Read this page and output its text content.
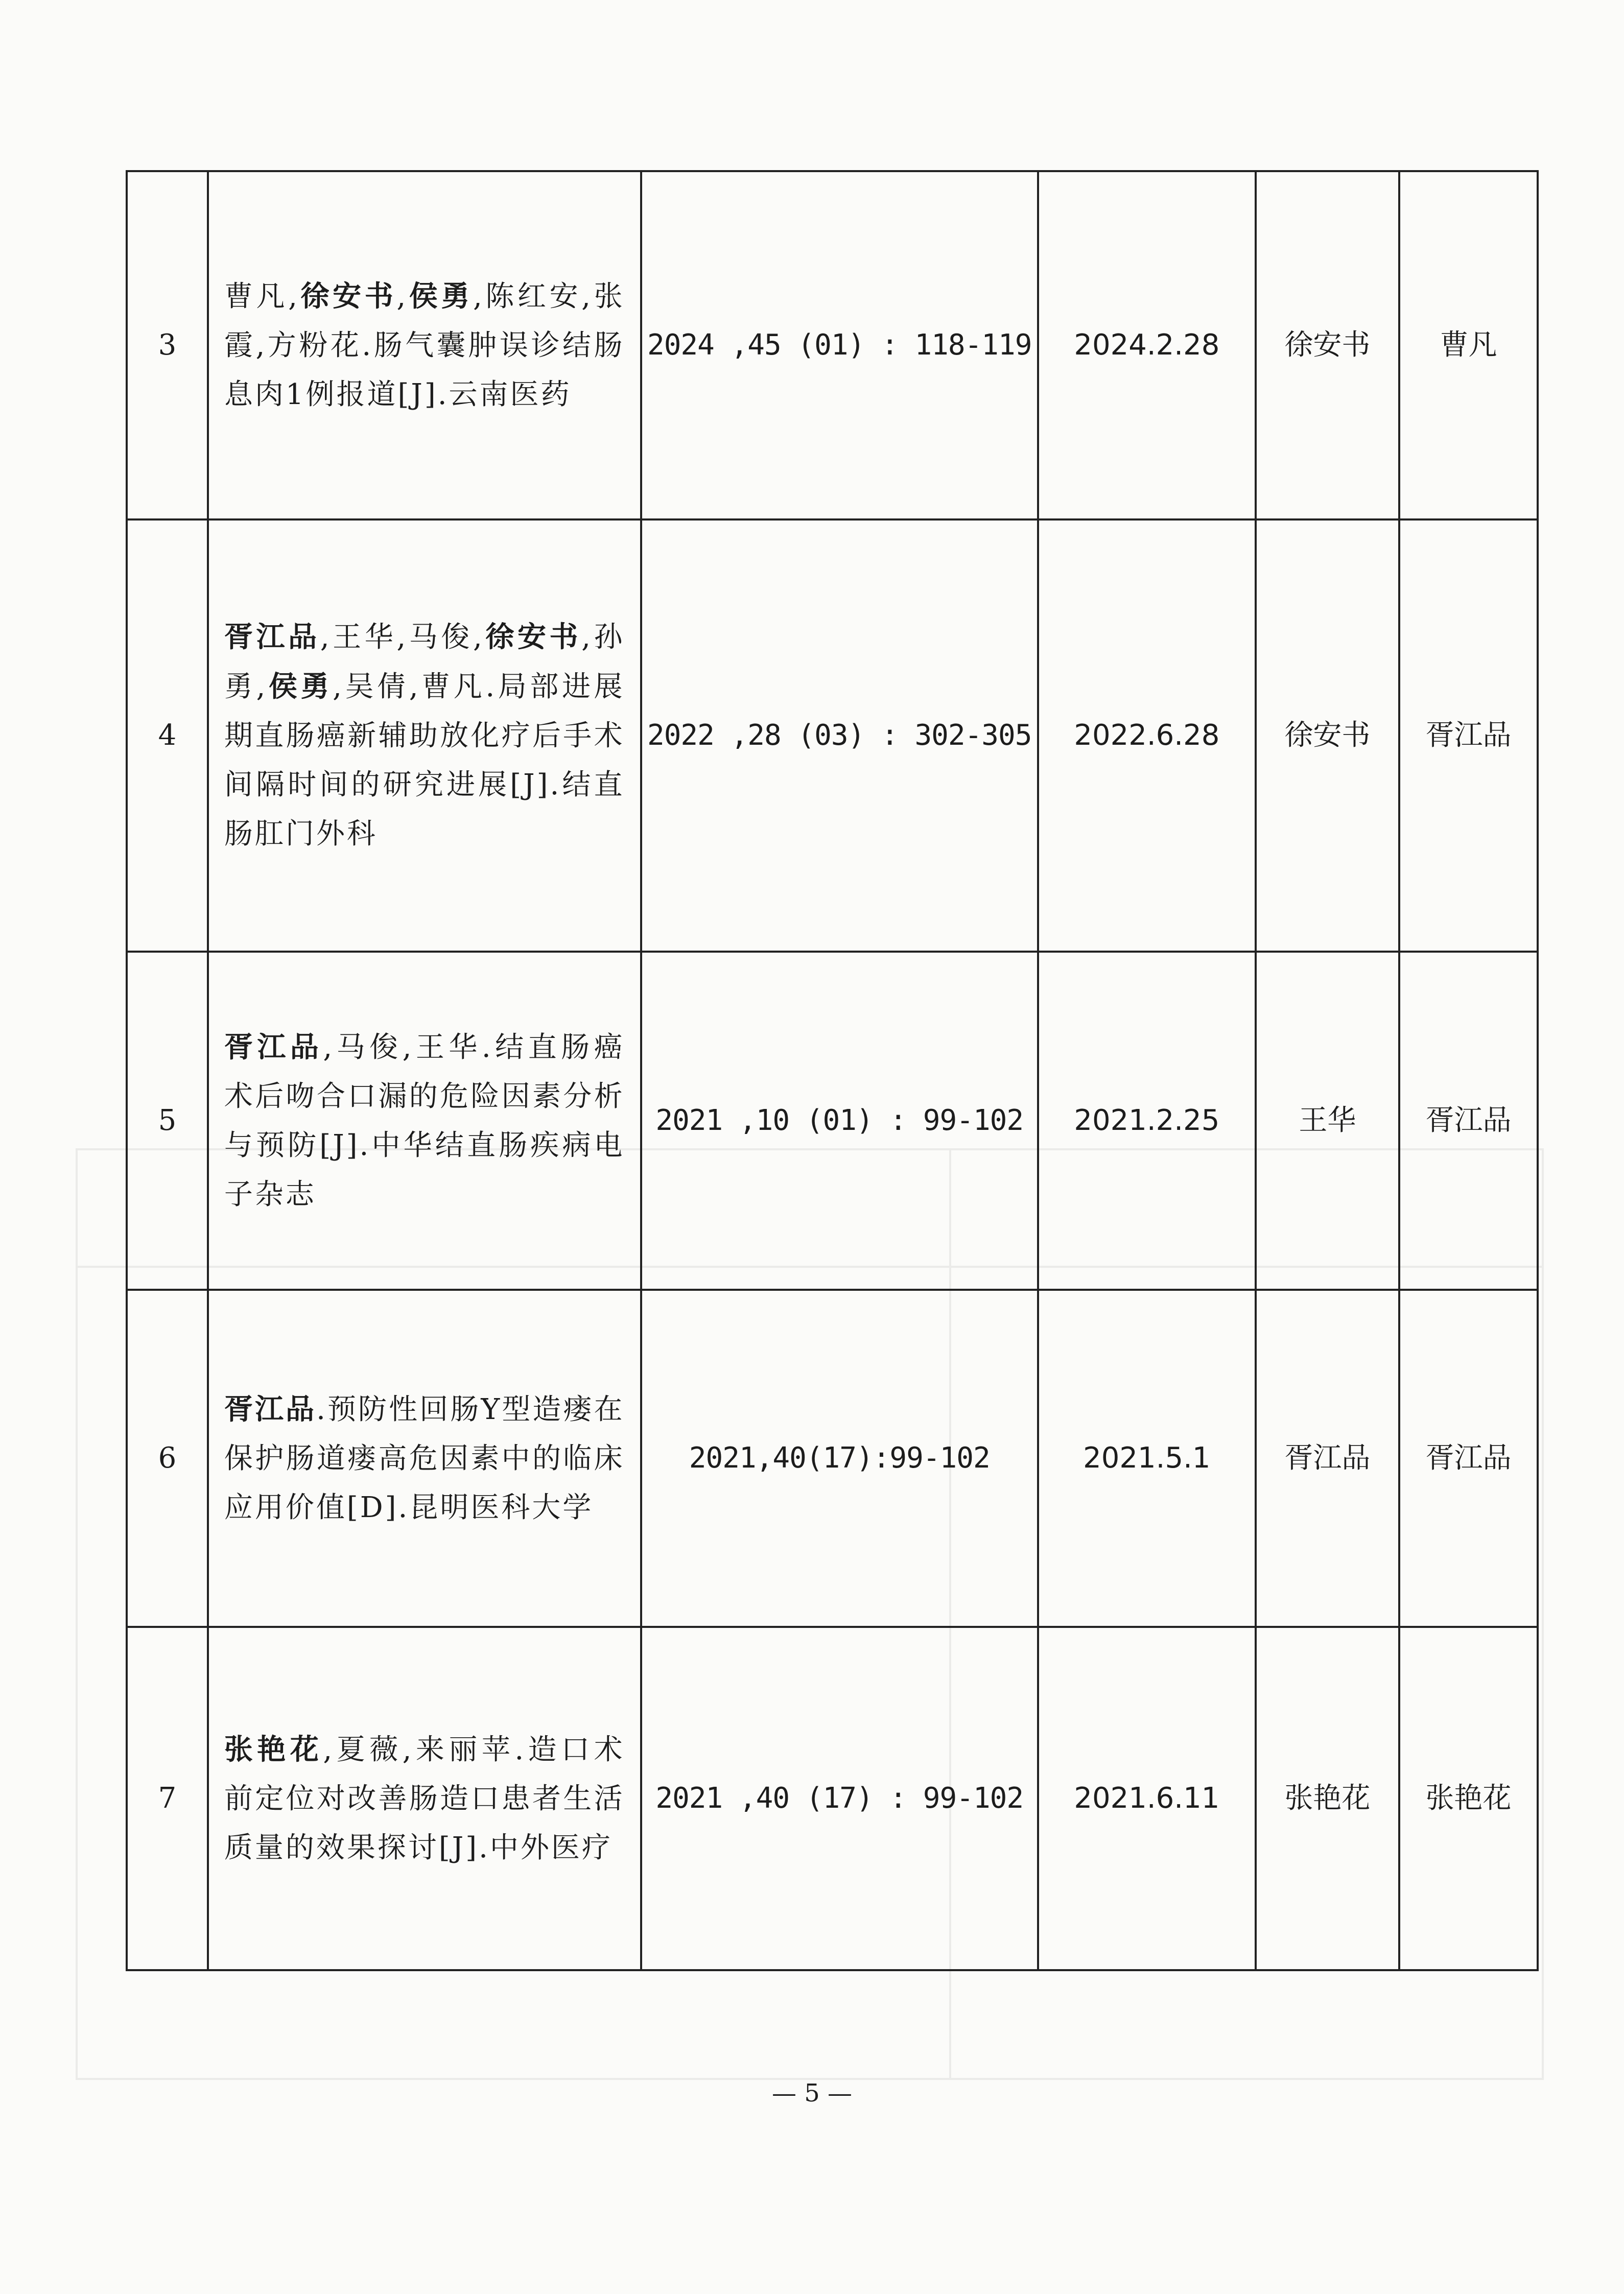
3	曹凡,徐安书,侯勇,陈红安,张霞,方粉花.肠气囊肿误诊结肠息肉1例报道[J].云南医药	2024 ,45 (01) : 118-119	2024.2.28	徐安书	曹凡
4	胥江品,王华,马俊,徐安书,孙勇,侯勇,吴倩,曹凡.局部进展期直肠癌新辅助放化疗后手术间隔时间的研究进展[J].结直肠肛门外科	2022 ,28 (03) : 302-305	2022.6.28	徐安书	胥江品
5	胥江品,马俊,王华.结直肠癌术后吻合口漏的危险因素分析与预防[J].中华结直肠疾病电子杂志	2021 ,10 (01) : 99-102	2021.2.25	王华	胥江品
6	胥江品.预防性回肠Y型造瘘在保护肠道瘘高危因素中的临床应用价值[D].昆明医科大学	2021,40(17):99-102	2021.5.1	胥江品	胥江品
7	张艳花,夏薇,来丽苹.造口术前定位对改善肠造口患者生活质量的效果探讨[J].中外医疗	2021 ,40 (17) : 99-102	2021.6.11	张艳花	张艳花
— 5 —
